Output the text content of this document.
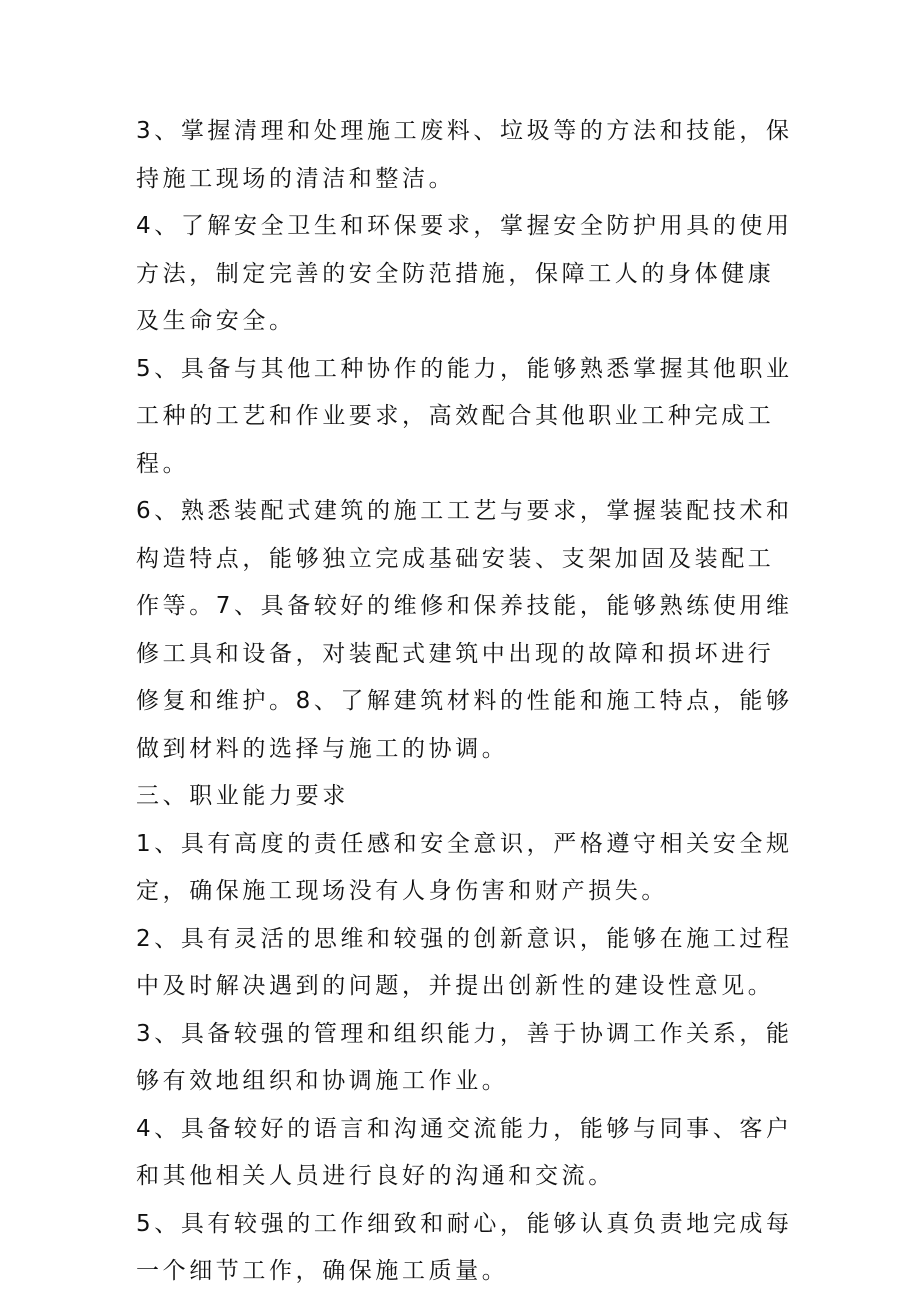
3、掌握清理和处理施工废料、垃圾等的方法和技能，保持施工现场的清洁和整洁。

4、了解安全卫生和环保要求，掌握安全防护用具的使用方法，制定完善的安全防范措施，保障工人的身体健康及生命安全。

5、具备与其他工种协作的能力，能够熟悉掌握其他职业工种的工艺和作业要求，高效配合其他职业工种完成工程。

6、熟悉装配式建筑的施工工艺与要求，掌握装配技术和构造特点，能够独立完成基础安装、支架加固及装配工作等。7、具备较好的维修和保养技能，能够熟练使用维修工具和设备，对装配式建筑中出现的故障和损坏进行修复和维护。8、了解建筑材料的性能和施工特点，能够做到材料的选择与施工的协调。

三、职业能力要求

1、具有高度的责任感和安全意识，严格遵守相关安全规定，确保施工现场没有人身伤害和财产损失。

2、具有灵活的思维和较强的创新意识，能够在施工过程中及时解决遇到的问题，并提出创新性的建设性意见。

3、具备较强的管理和组织能力，善于协调工作关系，能够有效地组织和协调施工作业。

4、具备较好的语言和沟通交流能力，能够与同事、客户和其他相关人员进行良好的沟通和交流。

5、具有较强的工作细致和耐心，能够认真负责地完成每一个细节工作，确保施工质量。
